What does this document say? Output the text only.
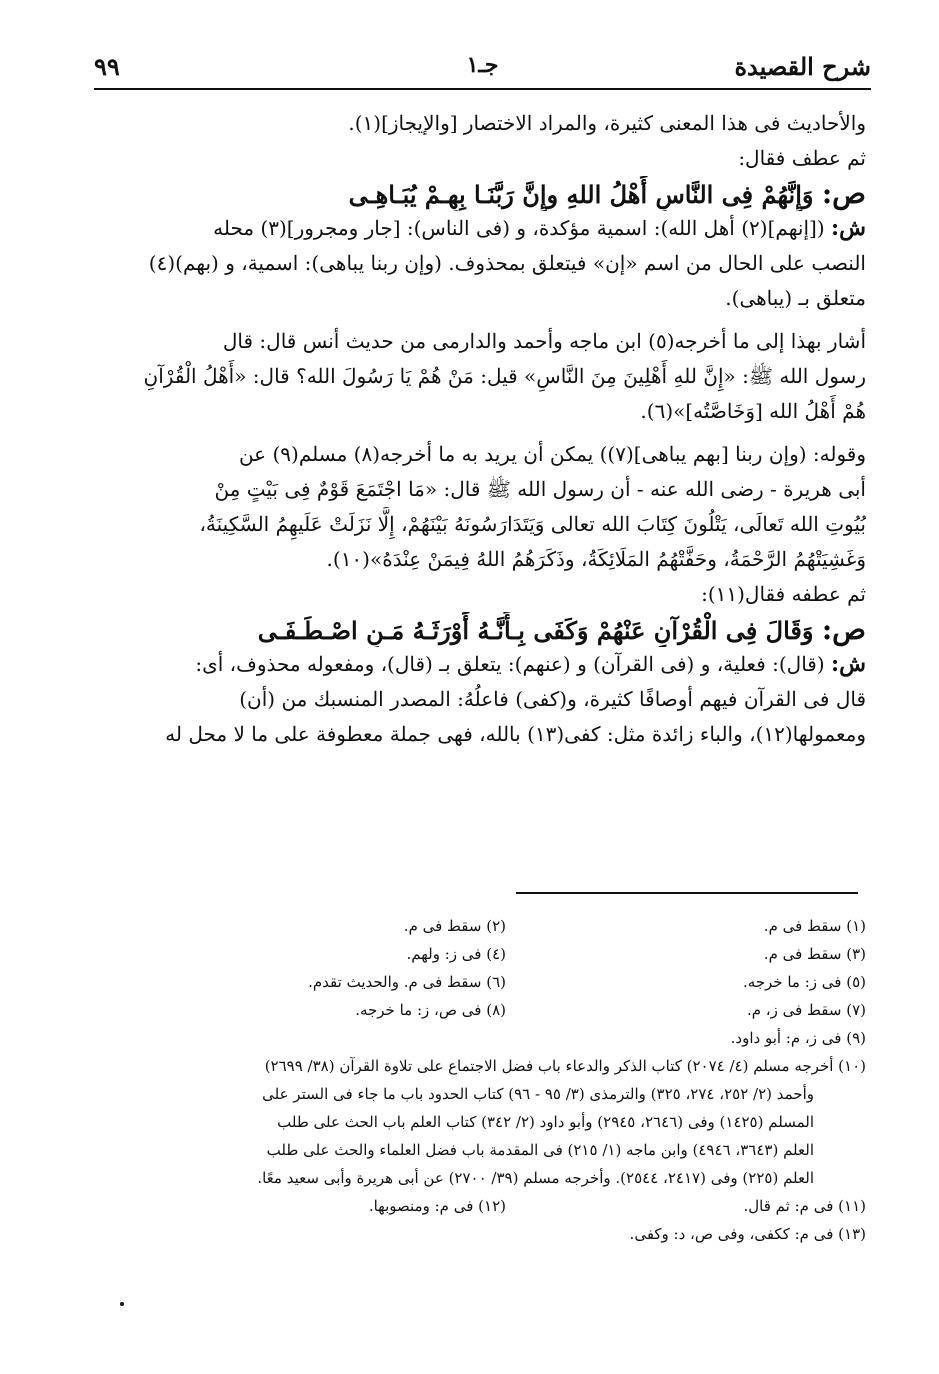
شرح القصيدة
جـ١
٩٩
والأحاديث فى هذا المعنى كثيرة، والمراد الاختصار [والإيجاز](١).
ثم عطف فقال:
ص: وَإِنَّهُمْ فِى النَّاسِ أَهْلُ اللهِ وإِنَّ رَبَّنَـا بِهِـمْ يُبَـاهِـى
ش: ([إنهم](٢) أهل الله): اسمية مؤكدة، و (فى الناس): [جار ومجرور](٣) محله
النصب على الحال من اسم «إن» فيتعلق بمحذوف. (وإن ربنا يباهى): اسمية، و (بهم)(٤)
متعلق بـ (يباهى).
أشار بهذا إلى ما أخرجه(٥) ابن ماجه وأحمد والدارمى من حديث أنس قال: قال
رسول الله ﷺ: «إِنَّ للهِ أَهْلِينَ مِنَ النَّاسِ» قيل: مَنْ هُمْ يَا رَسُولَ الله؟ قال: «أَهْلُ الْقُرْآنِ
هُمْ أَهْلُ الله [وَخَاصَّتُه]»(٦).
وقوله: (وإن ربنا [بهم يباهى](٧)) يمكن أن يريد به ما أخرجه(٨) مسلم(٩) عن
أبى هريرة - رضى الله عنه - أن رسول الله ﷺ قال: «مَا اجْتَمَعَ قَوْمٌ فِى بَيْتٍ مِنْ
بُيُوتِ الله تَعالَى، يَتْلُونَ كِتَابَ الله تعالى وَيَتَدَارَسُونَهُ بَيْنَهُمْ، إِلَّا نَزَلَتْ عَلَيهِمُ السَّكِينَةُ،
وَغَشِيَتْهُمُ الرَّحْمَةُ، وحَفَّتْهُمُ المَلَائِكَةُ، وذَكَرَهُمُ اللهُ فِيمَنْ عِنْدَهُ»(١٠).
ثم عطفه فقال(١١):
ص: وَقَالَ فِى الْقُرْآنِ عَنْهُمْ وَكَفَى بِـأَنَّـهُ أَوْرَثَـهُ مَـنِ اصْـطَـفَـى
ش: (قال): فعلية، و (فى القرآن) و (عنهم): يتعلق بـ (قال)، ومفعوله محذوف، أى:
قال فى القرآن فيهم أوصافًا كثيرة، و(كفى) فاعلُهُ: المصدر المنسبك من (أن)
ومعمولها(١٢)، والباء زائدة مثل: كفى(١٣) بالله، فهى جملة معطوفة على ما لا محل له
(١) سقط فى م.
(٢) سقط فى م.
(٣) سقط فى م.
(٤) فى ز: ولهم.
(٥) فى ز: ما خرجه.
(٦) سقط فى م. والحديث تقدم.
(٧) سقط فى ز، م.
(٨) فى ص، ز: ما خرجه.
(٩) فى ز، م: أبو داود.
(١٠) أخرجه مسلم (٤/ ٢٠٧٤) كتاب الذكر والدعاء باب فضل الاجتماع على تلاوة القرآن (٣٨/ ٢٦٩٩)
وأحمد (٢/ ٢٥٢، ٢٧٤، ٣٢٥) والترمذى (٣/ ٩٥ - ٩٦) كتاب الحدود باب ما جاء فى الستر على
المسلم (١٤٢٥) وفى (٢٦٤٦، ٢٩٤٥) وأبو داود (٢/ ٣٤٢) كتاب العلم باب الحث على طلب
العلم (٣٦٤٣، ٤٩٤٦) وابن ماجه (١/ ٢١٥) فى المقدمة باب فضل العلماء والحث على طلب
العلم (٢٢٥) وفى (٢٤١٧، ٢٥٤٤). وأخرجه مسلم (٣٩/ ٢٧٠٠) عن أبى هريرة وأبى سعيد معًا.
(١١) فى م: ثم قال.
(١٢) فى م: ومنصوبها.
(١٣) فى م: ككفى، وفى ص، د: وكفى.
